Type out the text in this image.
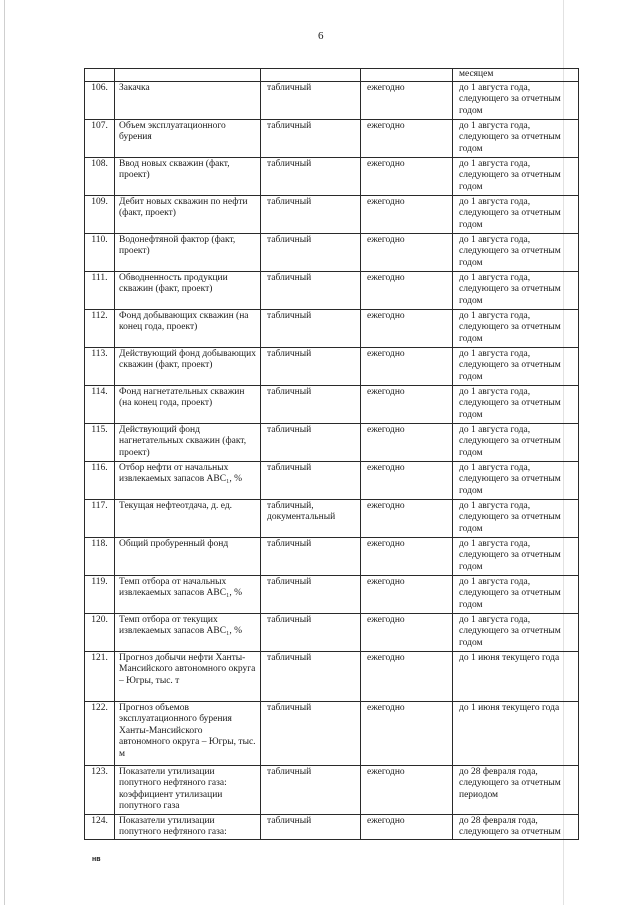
6
				месяцем
106.	Закачка	табличный	ежегодно	до 1 августа года,
следующего за отчетным
годом
107.	Объем эксплуатационного бурения	табличный	ежегодно	до 1 августа года,
следующего за отчетным
годом
108.	Ввод новых скважин (факт, проект)	табличный	ежегодно	до 1 августа года,
следующего за отчетным
годом
109.	Дебит новых скважин по нефти (факт, проект)	табличный	ежегодно	до 1 августа года,
следующего за отчетным
годом
110.	Водонефтяной фактор (факт, проект)	табличный	ежегодно	до 1 августа года,
следующего за отчетным
годом
111.	Обводненность продукции скважин (факт, проект)	табличный	ежегодно	до 1 августа года,
следующего за отчетным
годом
112.	Фонд добывающих скважин (на конец года, проект)	табличный	ежегодно	до 1 августа года,
следующего за отчетным
годом
113.	Действующий фонд добывающих скважин (факт, проект)	табличный	ежегодно	до 1 августа года,
следующего за отчетным
годом
114.	Фонд нагнетательных скважин (на конец года, проект)	табличный	ежегодно	до 1 августа года,
следующего за отчетным
годом
115.	Действующий фонд нагнетательных скважин (факт, проект)	табличный	ежегодно	до 1 августа года,
следующего за отчетным
годом
116.	Отбор нефти от начальных извлекаемых запасов АВС₁, %	табличный	ежегодно	до 1 августа года,
следующего за отчетным
годом
117.	Текущая нефтеотдача, д. ед.	табличный, документальный	ежегодно	до 1 августа года,
следующего за отчетным
годом
118.	Общий пробуренный фонд	табличный	ежегодно	до 1 августа года,
следующего за отчетным
годом
119.	Темп отбора от начальных извлекаемых запасов АВС₁, %	табличный	ежегодно	до 1 августа года,
следующего за отчетным
годом
120.	Темп отбора от текущих извлекаемых запасов АВС₁, %	табличный	ежегодно	до 1 августа года,
следующего за отчетным
годом
121.	Прогноз добычи нефти Ханты-Мансийского автономного округа – Югры, тыс. т	табличный	ежегодно	до 1 июня текущего года
122.	Прогноз объемов эксплуатационного бурения Ханты-Мансийского автономного округа – Югры, тыс. м	табличный	ежегодно	до 1 июня текущего года
123.	Показатели утилизации попутного нефтяного газа: коэффициент утилизации попутного газа	табличный	ежегодно	до 28 февраля года,
следующего за отчетным
периодом
124.	Показатели утилизации попутного нефтяного газа:	табличный	ежегодно	до 28 февраля года,
следующего за отчетным
нв
